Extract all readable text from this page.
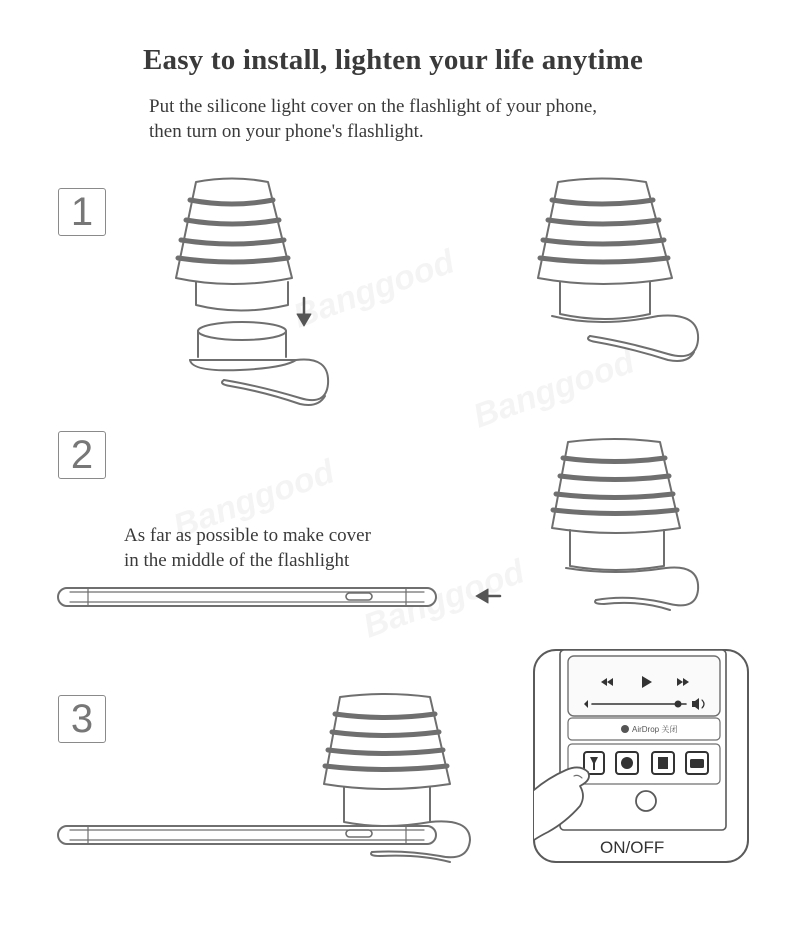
Easy to install, lighten your life anytime
Put the silicone light cover on the flashlight of your phone,
then turn on your phone's flashlight.
1
2
3
As far as possible to make cover
in the middle of the flashlight
AirDrop 关闭
ON/OFF
